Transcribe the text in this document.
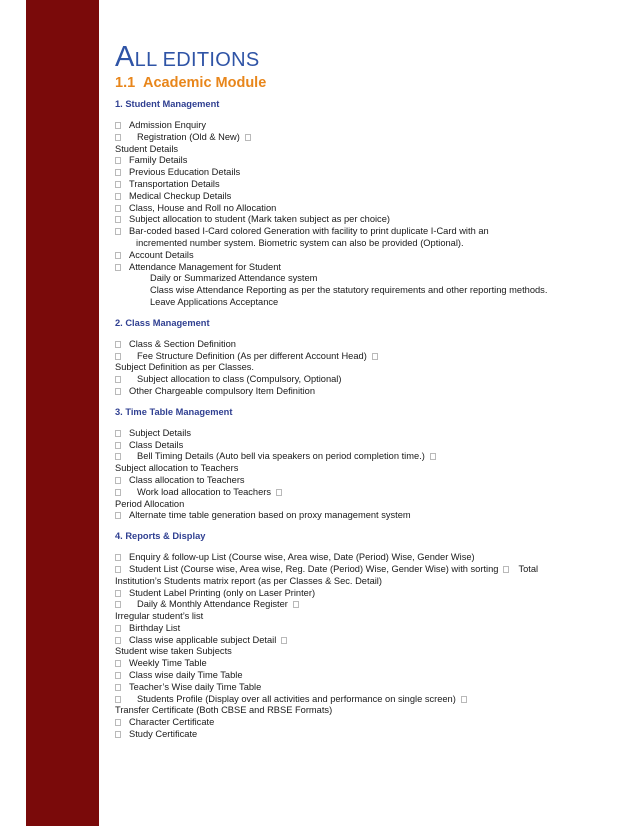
ALL EDITIONS
1.1 Academic Module
1. Student Management
Admission Enquiry
Registration (Old & New)
Student Details
Family Details
Previous Education Details
Transportation Details
Medical Checkup Details
Class, House and Roll no Allocation
Subject allocation to student (Mark taken subject as per choice)
Bar-coded based I-Card colored Generation with facility to print duplicate I-Card with an
incremented number system. Biometric system can also be provided (Optional).
Account Details
Attendance Management for Student
Daily or Summarized Attendance system
Class wise Attendance Reporting as per the statutory requirements and other reporting methods.
Leave Applications Acceptance
2. Class Management
Class & Section Definition
Fee Structure Definition (As per different Account Head)
Subject Definition as per Classes.
Subject allocation to class (Compulsory, Optional)
Other Chargeable compulsory Item Definition
3. Time Table Management
Subject Details
Class Details
Bell Timing Details (Auto bell via speakers on period completion time.)
Subject allocation to Teachers
Class allocation to Teachers
Work load allocation to Teachers
Period Allocation
Alternate time table generation based on proxy management system
4. Reports & Display
Enquiry & follow-up List (Course wise, Area wise, Date (Period) Wise, Gender Wise)
Student List (Course wise, Area wise, Reg. Date (Period) Wise, Gender Wise) with sorting Total
Institution’s Students matrix report (as per Classes & Sec. Detail)
Student Label Printing (only on Laser Printer)
Daily & Monthly Attendance Register
Irregular student’s list
Birthday List
Class wise applicable subject Detail
Student wise taken Subjects
Weekly Time Table
Class wise daily Time Table
Teacher’s Wise daily Time Table
Students Profile (Display over all activities and performance on single screen)
Transfer Certificate (Both CBSE and RBSE Formats)
Character Certificate
Study Certificate
